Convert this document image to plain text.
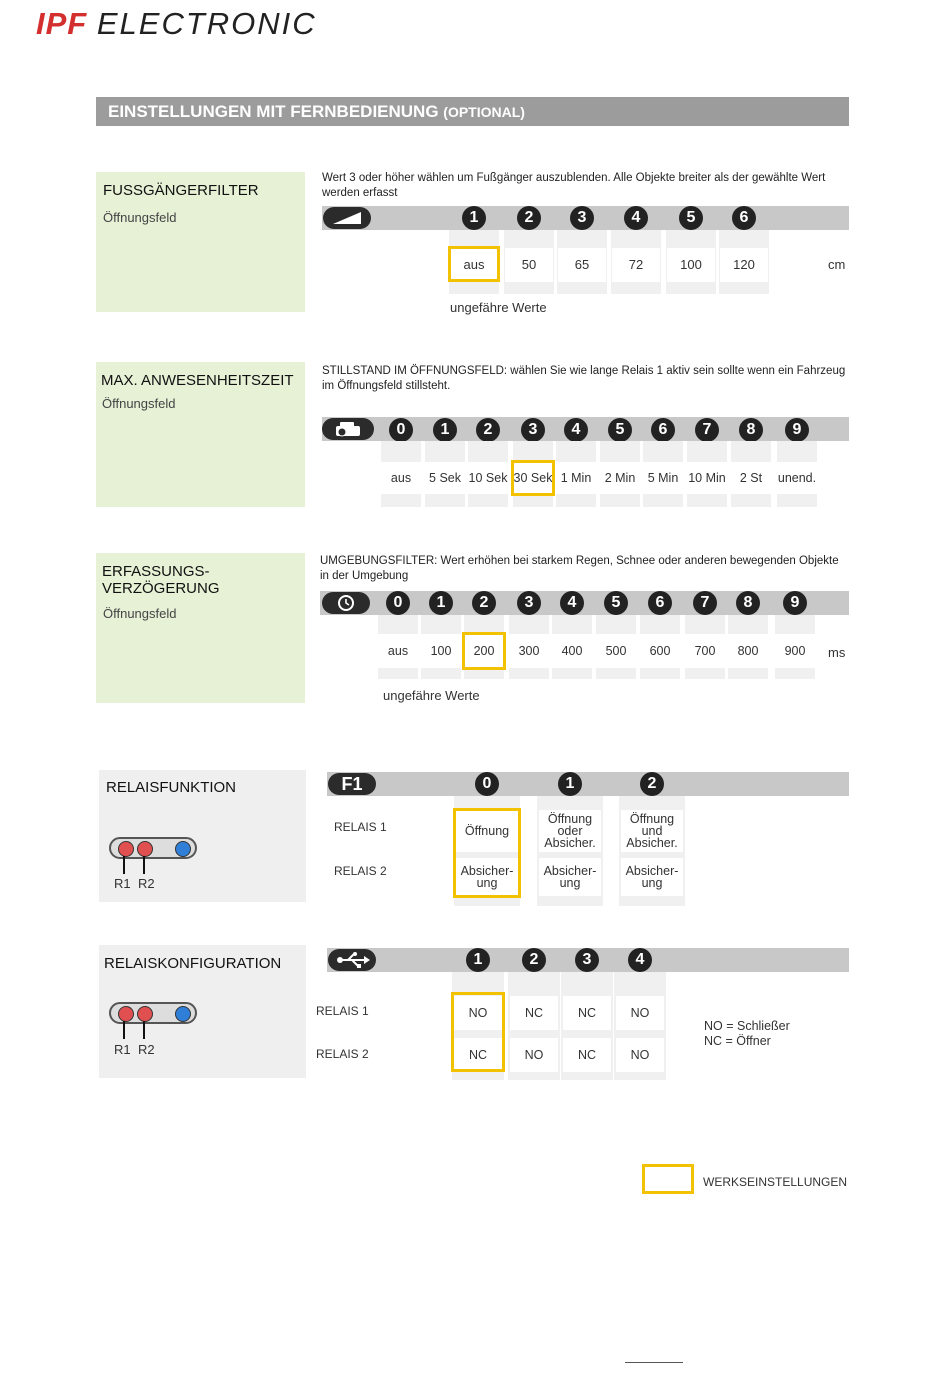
IPF ELECTRONIC
EINSTELLUNGEN MIT FERNBEDIENUNG (OPTIONAL)
FUSSGÄNGERFILTER
Öffnungsfeld
Wert 3 oder höher wählen um Fußgänger auszublenden. Alle Objekte breiter als der gewählte Wert werden erfasst
1
aus
2
50
3
65
4
72
5
100
6
120	cm
ungefähre Werte
MAX. ANWESENHEITSZEIT
Öffnungsfeld
STILLSTAND IM ÖFFNUNGSFELD: wählen Sie wie lange Relais 1 aktiv sein sollte wenn ein Fahrzeug im Öffnungsfeld stillsteht.
0
aus
1
5 Sek
2
10 Sek
3
30 Sek
4
1 Min
5
2 Min
6
5 Min
7
10 Min
8
2 St
9
unend.
ERFASSUNGS-
VERZÖGERUNG
Öffnungsfeld
UMGEBUNGSFILTER: Wert erhöhen bei starkem Regen, Schnee oder anderen bewegenden Objekte in der Umgebung
0
aus
1
100
2
200
3
300
4
400
5
500
6
600
7
700
8
800
9
900	ms
ungefähre Werte
RELAISFUNKTION
R1 R2
F1
RELAIS 1
RELAIS 2
0
Öffnung
Absicher-
ung
1
Öffnung
oder
Absicher.
Absicher-
ung
2
Öffnung
und
Absicher.
Absicher-
ung
RELAISKONFIGURATION
R1 R2
RELAIS 1
RELAIS 2
1
NO
NC
2
NC
NO
3
NC
NC
4
NO
NO
NO = Schließer
NC = Öffner
WERKSEINSTELLUNGEN
